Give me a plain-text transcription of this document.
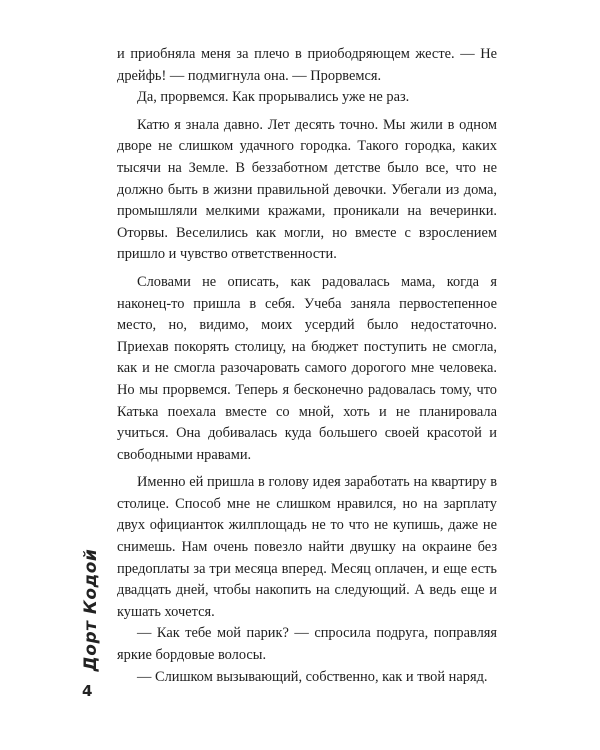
и приобняла меня за плечо в приободряющем жесте. — Не дрейфь! — подмигнула она. — Прорвемся.

Да, прорвемся. Как прорывались уже не раз.

Катю я знала давно. Лет десять точно. Мы жили в одном дворе не слишком удачного городка. Такого городка, каких тысячи на Земле. В беззаботном детстве было все, что не должно быть в жизни правильной девочки. Убегали из дома, промышляли мелкими кражами, проникали на вечеринки. Оторвы. Веселились как могли, но вместе с взрослением пришло и чувство ответственности.

Словами не описать, как радовалась мама, когда я наконец-то пришла в себя. Учеба заняла первостепенное место, но, видимо, моих усердий было недостаточно. Приехав покорять столицу, на бюджет поступить не смогла, как и не смогла разочаровать самого дорогого мне человека. Но мы прорвемся. Теперь я бесконечно радовалась тому, что Катька поехала вместе со мной, хоть и не планировала учиться. Она добивалась куда большего своей красотой и свободными нравами.

Именно ей пришла в голову идея заработать на квартиру в столице. Способ мне не слишком нравился, но на зарплату двух официанток жилплощадь не то что не купишь, даже не снимешь. Нам очень повезло найти двушку на окраине без предоплаты за три месяца вперед. Месяц оплачен, и еще есть двадцать дней, чтобы накопить на следующий. А ведь еще и кушать хочется.

— Как тебе мой парик? — спросила подруга, поправляя яркие бордовые волосы.

— Слишком вызывающий, собственно, как и твой наряд.

Дорт Кодой
4
